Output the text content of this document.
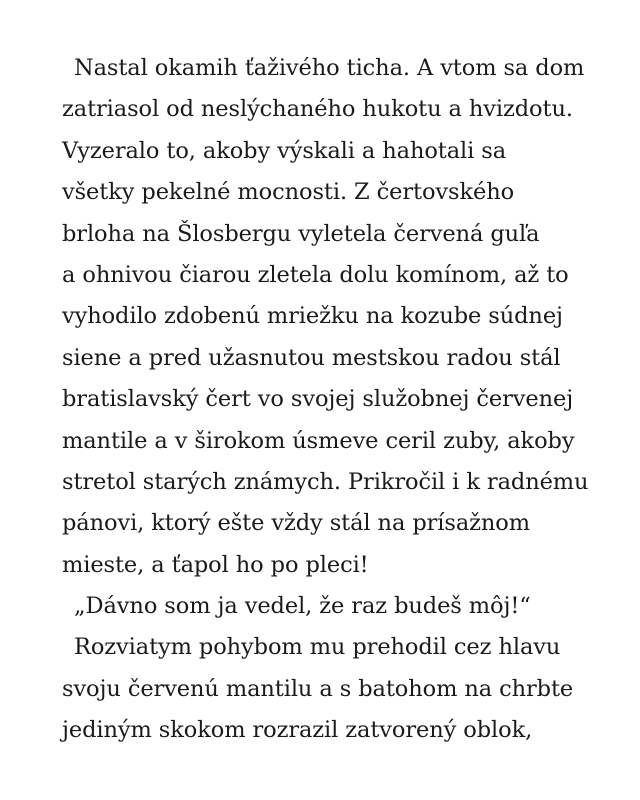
Nastal okamih ťaživého ticha. A vtom sa dom
zatriasol od neslýchaného hukotu a hvizdotu.
Vyzeralo to, akoby výskali a hahotali sa
všetky pekelné mocnosti. Z čertovského
brloha na Šlosbergu vyletela červená guľa
a ohnivou čiarou zletela dolu komínom, až to
vyhodilo zdobenú mriežku na kozube súdnej
siene a pred užasnutou mestskou radou stál
bratislavský čert vo svojej služobnej červenej
mantile a v širokom úsmeve ceril zuby, akoby
stretol starých známych. Prikročil i k radnému
pánovi, ktorý ešte vždy stál na prísažnom
mieste, a ťapol ho po pleci!
„Dávno som ja vedel, že raz budeš môj!“
Rozviatym pohybom mu prehodil cez hlavu
svoju červenú mantilu a s batohom na chrbte
jediným skokom rozrazil zatvorený oblok,
